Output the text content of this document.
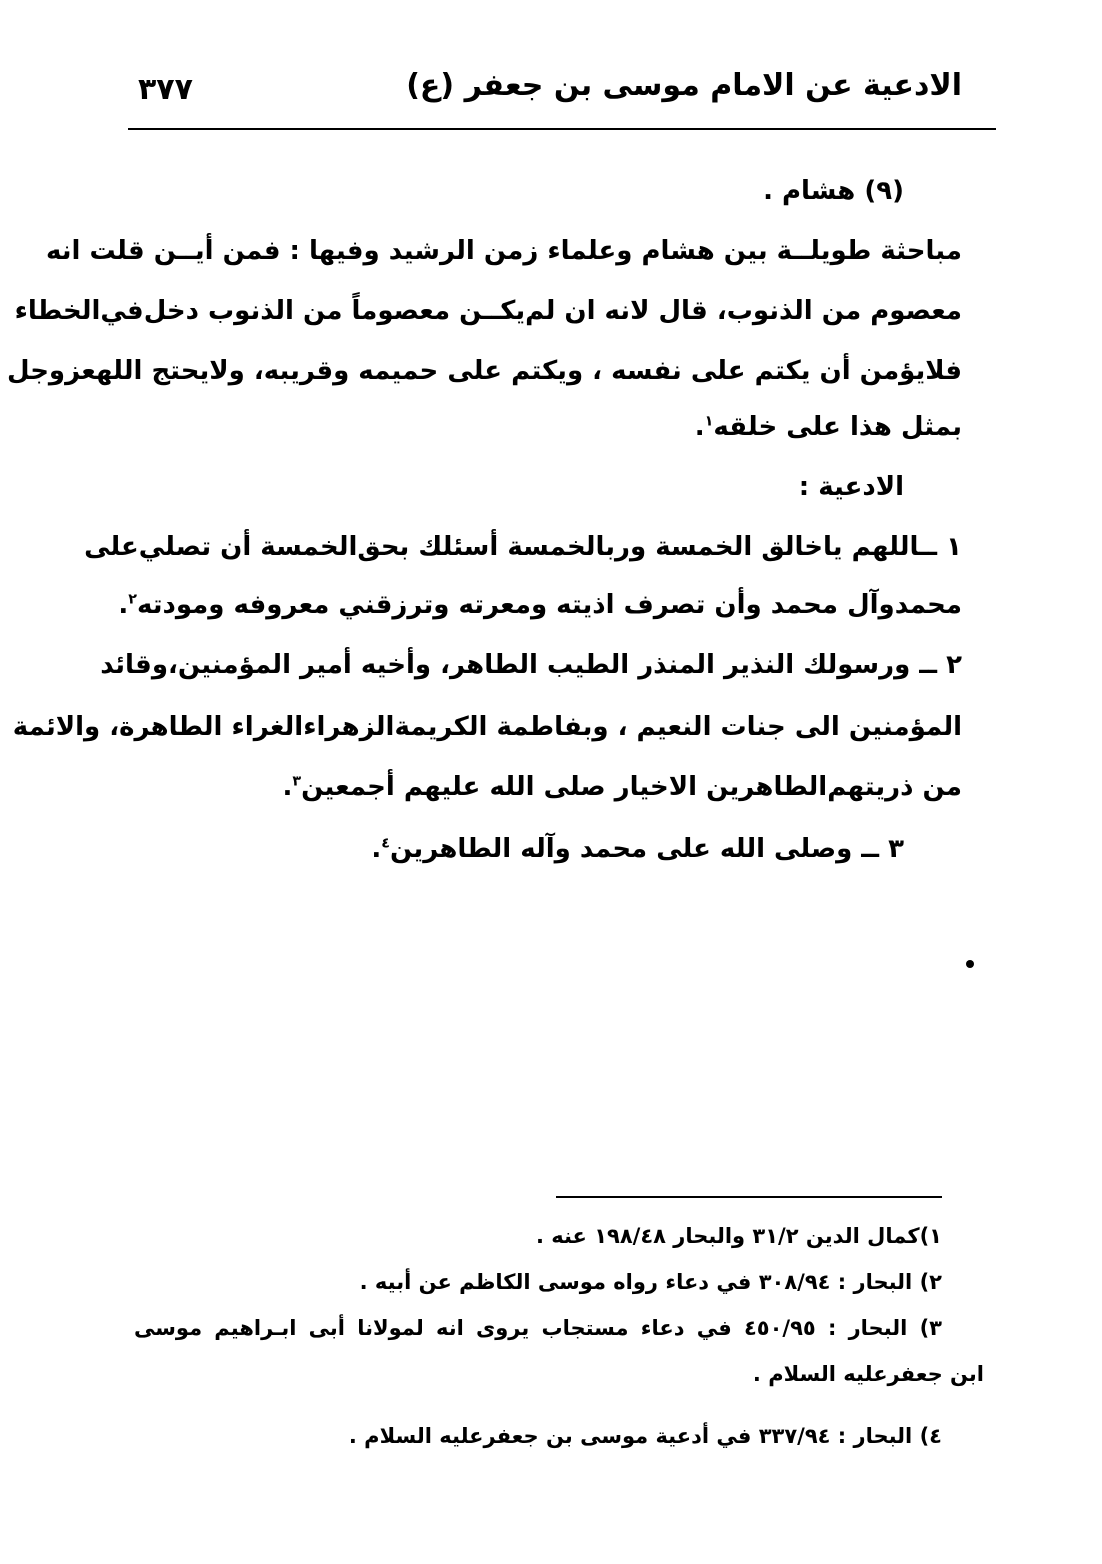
الادعية عن الامام موسى بن جعفر (ع)
٣٧٧
(٩) هشام .
مباحثة طويلــة بين هشام وعلماء زمن الرشيد وفيها : فمن أيــن قلت انه
معصوم من الذنوب، قال لانه ان لم‌يكــن معصوماً من الذنوب دخل‌في‌الخطاء
فلايؤمن أن يكتم على نفسه ، ويكتم على حميمه وقريبه، ولايحتج اللهعزوجل
بمثل هذا على خلقه$^١$.
الادعية :
١ ــاللهم ياخالق الخمسة وربالخمسة أسئلك بحق‌الخمسة أن تصلي‌على
محمدوآل محمد وأن تصرف اذيته ومعرته وترزقني معروفه ومودته$^٢$.
٢ ــ ورسولك النذير المنذر الطيب الطاهر، وأخيه أمير المؤمنين،وقائد
المؤمنين الى جنات النعيم ، وبفاطمة الكريمةالزهراءالغراء الطاهرة، والائمة
من ذريتهم‌الطاهرين الاخيار صلى الله عليهم أجمعين$^٣$.
٣ ــ وصلى الله على محمد وآله الطاهرين$^٤$.
١)كمال الدين ٣١/٢ والبحار ١٩٨/٤٨ عنه .
٢) البحار : ٣٠٨/٩٤ في دعاء رواه موسى الكاظم عن أبيه .
٣) البحار : ٤٥٠/٩٥ في دعاء مستجاب يروى انه لمولانا أبى ابـراهيم موسى
ابن جعفرعليه السلام .
٤) البحار : ٣٣٧/٩٤ في أدعية موسى بن جعفرعليه السلام .
